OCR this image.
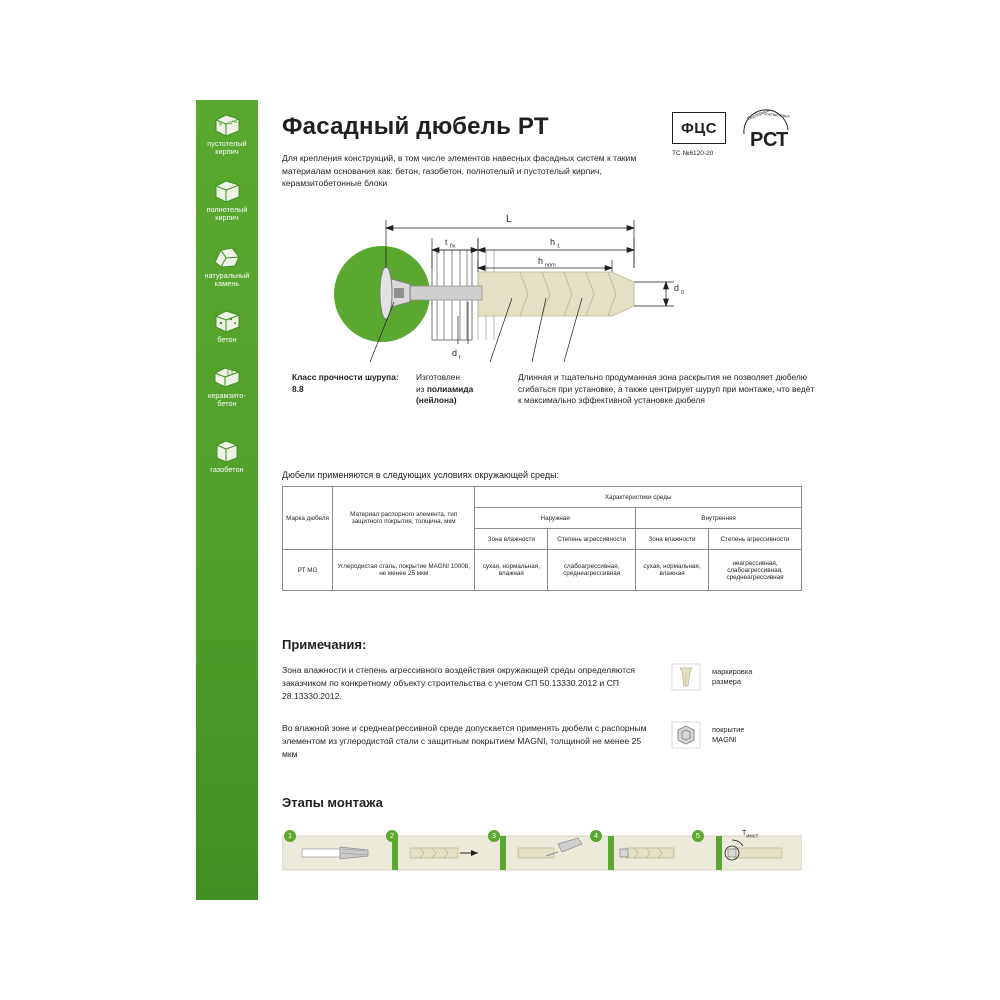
пустотелый кирпич
полнотелый кирпич
натуральный камень
бетон
керамзито-бетон
газобетон
Фасадный дюбель РТ
Для крепления конструкций, в том числе элементов навесных фасадных систем к таким материалам основания как: бетон, газобетон, полнотелый и пустотелый кирпич, керамзитобетонные блоки
ФЦС
ТС №6120-20
Сертификат
соответствия
Р С
Т
L
t fix	h 1
h nom
d 0
d f
Класс прочности шурупа: 8.8
Изготовлен
из полиамида
(нейлона)
Длинная и тщательно продуманная зона раскрытия не позволяет дюбелю сгибаться при установке, а также центрирует шуруп при монтаже, что ведёт к максимально эффективной установке дюбеля
Дюбели применяются в следующих условиях окружающей среды:
Марка дюбеля	Материал распорного элемента, тип защитного покрытия, толщина, мкм	Характеристики среды			
		Наружная		Внутренняя	
		Зона влажности	Степень агрессивности	Зона влажности	Степень агрессивности
PT MG	Углеродистая сталь, покрытие MAGNI 1000b, не менее 25 мкм	сухая, нормальная, влажная	слабоагрессивная, среднеагрессивная	сухая, нормальная, влажная	неагрессивная, слабоагрессивная, среднеагрессивная
Примечания:
Зона влажности и степень агрессивного воздействия окружающей среды определяются заказчиком по конкретному объекту строительства с учетом СП 50.13330.2012 и СП 28.13330.2012.
Во влажной зоне и среднеагрессивной среде допускается применять дюбели с распорным элементом из углеродистой стали с защитным покрытием MAGNI, толщиной не менее 25 мкм
маркировка
размера
покрытие
MAGNI
Этапы монтажа
1	2	3	4	5	$T_{инст}$
